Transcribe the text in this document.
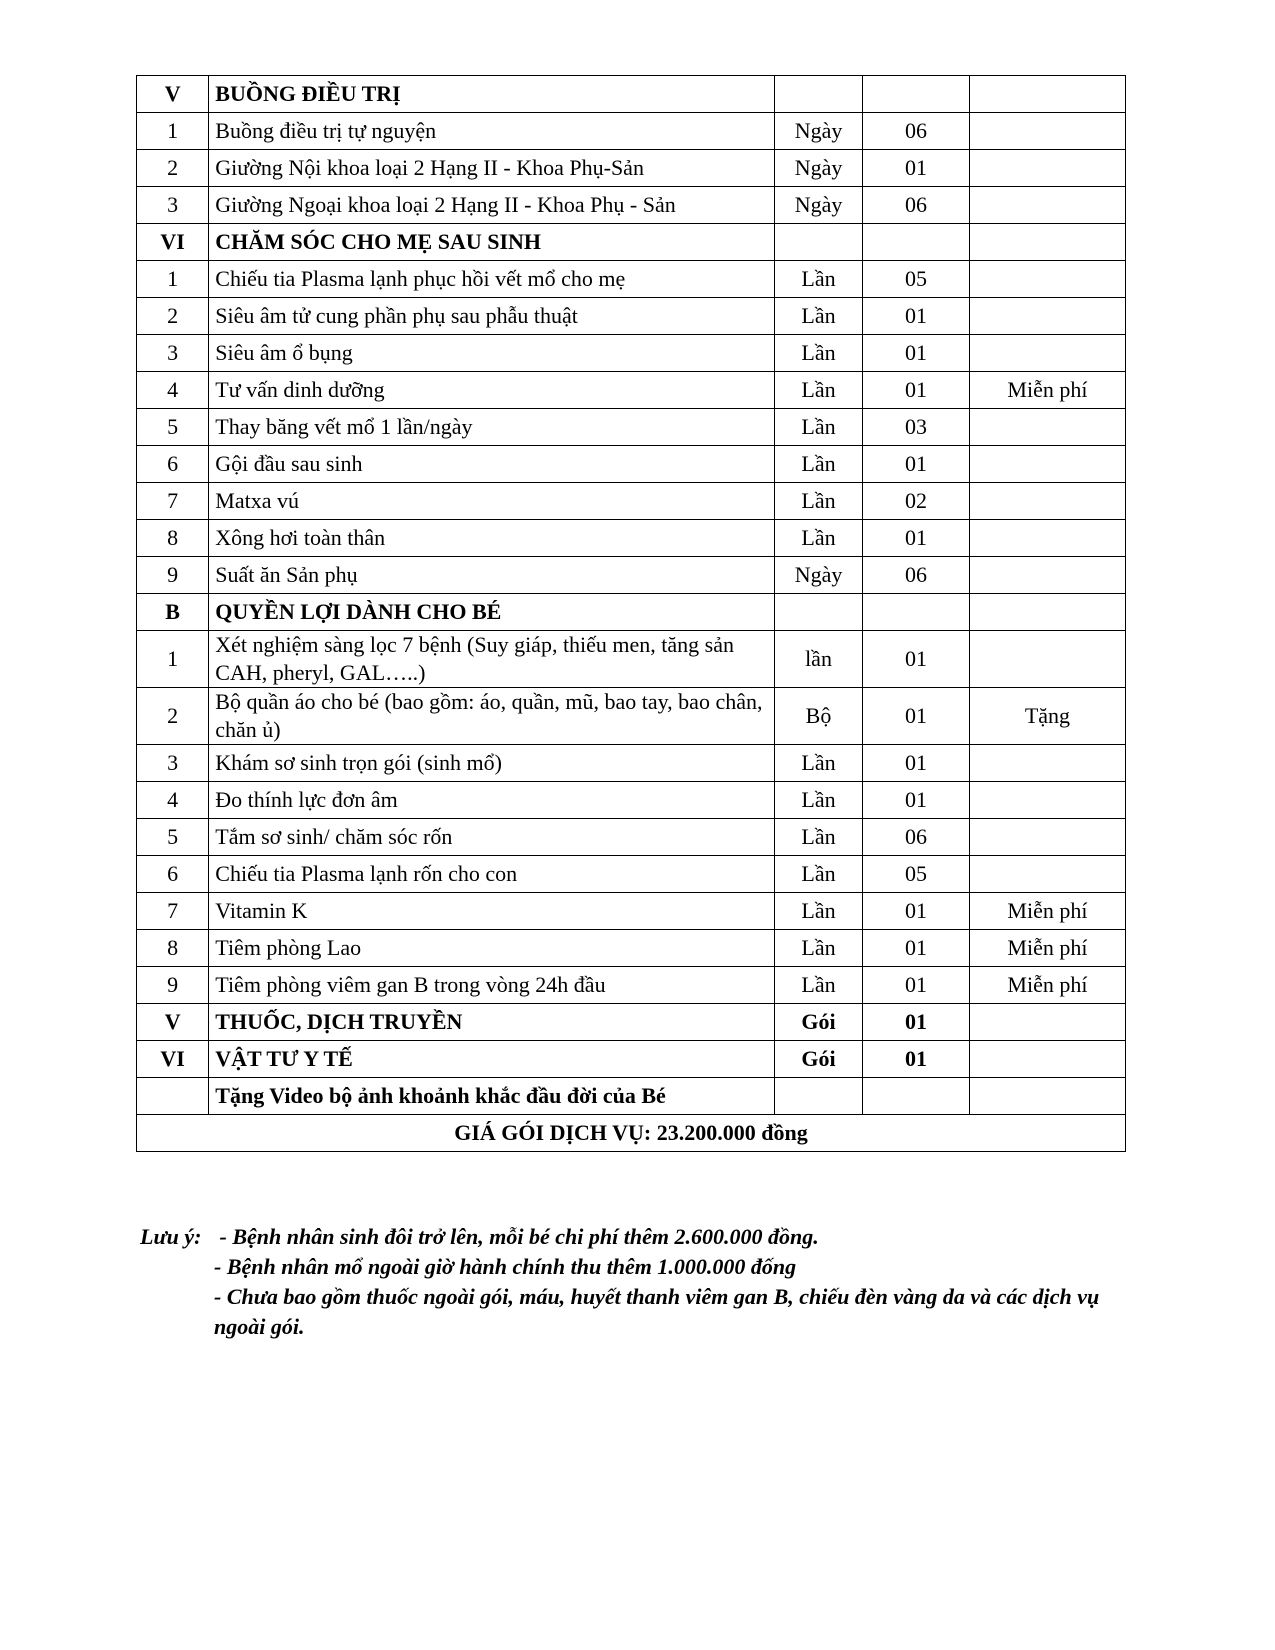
V	BUỒNG ĐIỀU TRỊ			
1	Buồng điều trị tự nguyện	Ngày	06	
2	Giường Nội khoa loại 2 Hạng II - Khoa Phụ-Sản	Ngày	01	
3	Giường Ngoại khoa loại 2 Hạng II - Khoa Phụ - Sản	Ngày	06	
VI	CHĂM SÓC CHO MẸ SAU SINH			
1	Chiếu tia Plasma lạnh phục hồi vết mổ cho mẹ	Lần	05	
2	Siêu âm tử cung phần phụ sau phẫu thuật	Lần	01	
3	Siêu âm ổ bụng	Lần	01	
4	Tư vấn dinh dưỡng	Lần	01	Miễn phí
5	Thay băng vết mổ 1 lần/ngày	Lần	03	
6	Gội đầu sau sinh	Lần	01	
7	Matxa vú	Lần	02	
8	Xông hơi toàn thân	Lần	01	
9	Suất ăn Sản phụ	Ngày	06	
B	QUYỀN LỢI DÀNH CHO BÉ			
1	Xét nghiệm sàng lọc 7 bệnh (Suy giáp, thiếu men, tăng sản CAH, pheryl, GAL…..)	lần	01	
2	Bộ quần áo cho bé (bao gồm: áo, quần, mũ, bao tay, bao chân, chăn ủ)	Bộ	01	Tặng
3	Khám sơ sinh trọn gói (sinh mổ)	Lần	01	
4	Đo thính lực đơn âm	Lần	01	
5	Tắm sơ sinh/ chăm sóc rốn	Lần	06	
6	Chiếu tia Plasma lạnh rốn cho con	Lần	05	
7	Vitamin K	Lần	01	Miễn phí
8	Tiêm phòng Lao	Lần	01	Miễn phí
9	Tiêm phòng viêm gan B trong vòng 24h đầu	Lần	01	Miễn phí
V	THUỐC, DỊCH TRUYỀN	Gói	01	
VI	VẬT TƯ Y TẾ	Gói	01	
	Tặng Video bộ ảnh khoảnh khắc đầu đời của Bé			
GIÁ GÓI DỊCH VỤ: 23.200.000 đồng				
Lưu ý: - Bệnh nhân sinh đôi trở lên, mỗi bé chi phí thêm 2.600.000 đồng.
- Bệnh nhân mổ ngoài giờ hành chính thu thêm 1.000.000 đống
- Chưa bao gồm thuốc ngoài gói, máu, huyết thanh viêm gan B, chiếu đèn vàng da và các dịch vụ ngoài gói.
